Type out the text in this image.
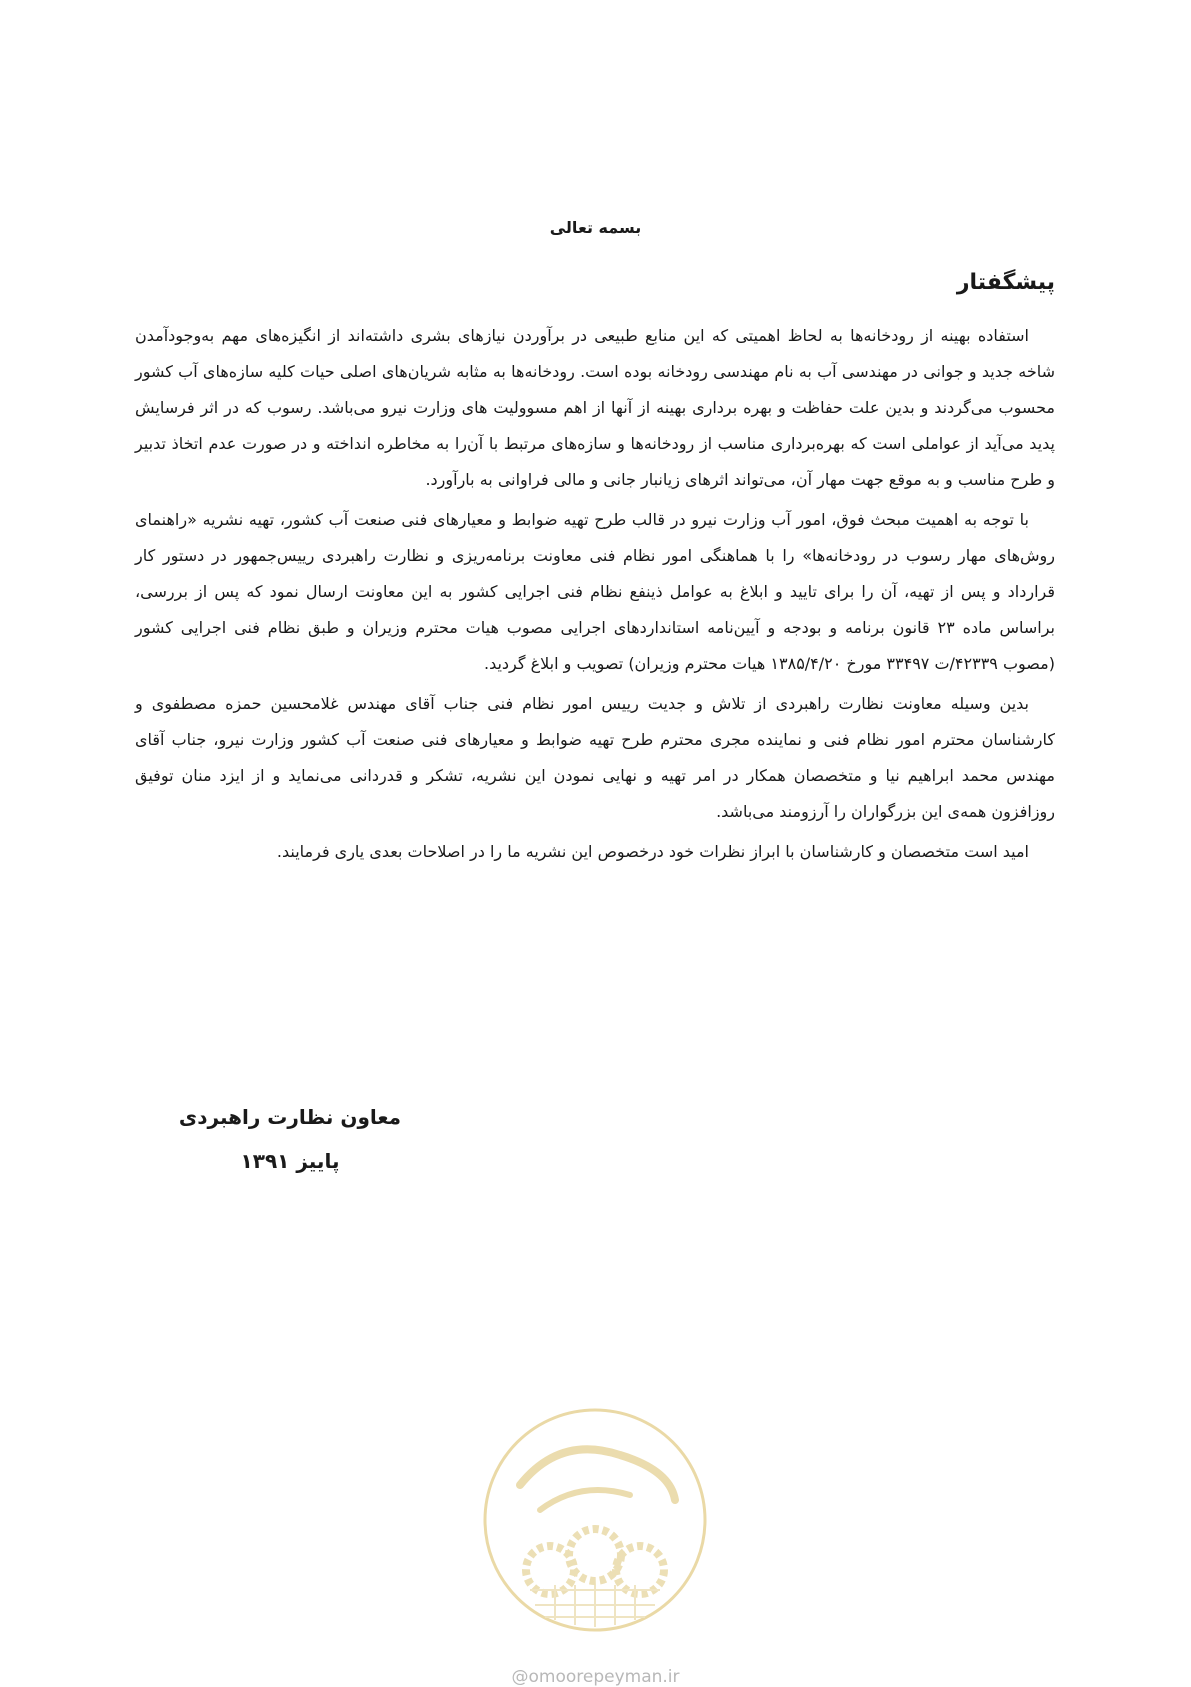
بسمه تعالی
پیشگفتار

استفاده بهینه از رودخانه‌ها به لحاظ اهمیتی که این منابع طبیعی در برآوردن نیازهای بشری داشته‌اند از انگیزه‌های مهم به‌وجودآمدن شاخه جدید و جوانی در مهندسی آب به نام مهندسی رودخانه بوده است. رودخانه‌ها به مثابه شریان‌های اصلی حیات کلیه سازه‌های آب کشور محسوب می‌گردند و بدین علت حفاظت و بهره برداری بهینه از آنها از اهم مسوولیت های وزارت نیرو می‌باشد. رسوب که در اثر فرسایش پدید می‌آید از عواملی است که بهره‌برداری مناسب از رودخانه‌ها و سازه‌های مرتبط با آن‌را به مخاطره انداخته و در صورت عدم اتخاذ تدبیر و طرح مناسب و به موقع جهت مهار آن، می‌تواند اثرهای زیانبار جانی و مالی فراوانی به بارآورد.

با توجه به اهمیت مبحث فوق، امور آب وزارت نیرو در قالب طرح تهیه ضوابط و معیارهای فنی صنعت آب کشور، تهیه نشریه «راهنمای روش‌های مهار رسوب در رودخانه‌ها» را با هماهنگی امور نظام فنی معاونت برنامه‌ریزی و نظارت راهبردی رییس‌جمهور در دستور کار قرارداد و پس از تهیه، آن را برای تایید و ابلاغ به عوامل ذینفع نظام فنی اجرایی کشور به این معاونت ارسال نمود که پس از بررسی، براساس ماده ۲۳ قانون برنامه و بودجه و آیین‌نامه استانداردهای اجرایی مصوب هیات محترم وزیران و طبق نظام فنی اجرایی کشور (مصوب ۴۲۳۳۹/ت ۳۳۴۹۷ مورخ ۱۳۸۵/۴/۲۰ هیات محترم وزیران) تصویب و ابلاغ گردید.

بدین وسیله معاونت نظارت راهبردی از تلاش و جدیت رییس امور نظام فنی جناب آقای مهندس غلامحسین حمزه مصطفوی و کارشناسان محترم امور نظام فنی و نماینده مجری محترم طرح تهیه ضوابط و معیارهای فنی صنعت آب کشور وزارت نیرو، جناب آقای مهندس محمد ابراهیم نیا و متخصصان همکار در امر تهیه و نهایی نمودن این نشریه، تشکر و قدردانی می‌نماید و از ایزد منان توفیق روزافزون همه‌ی این بزرگواران را آرزومند می‌باشد.

امید است متخصصان و کارشناسان با ابراز نظرات خود درخصوص این نشریه ما را در اصلاحات بعدی یاری فرمایند.

معاون نظارت راهبردی
پاییز ۱۳۹۱
@omoorepeyman.ir
